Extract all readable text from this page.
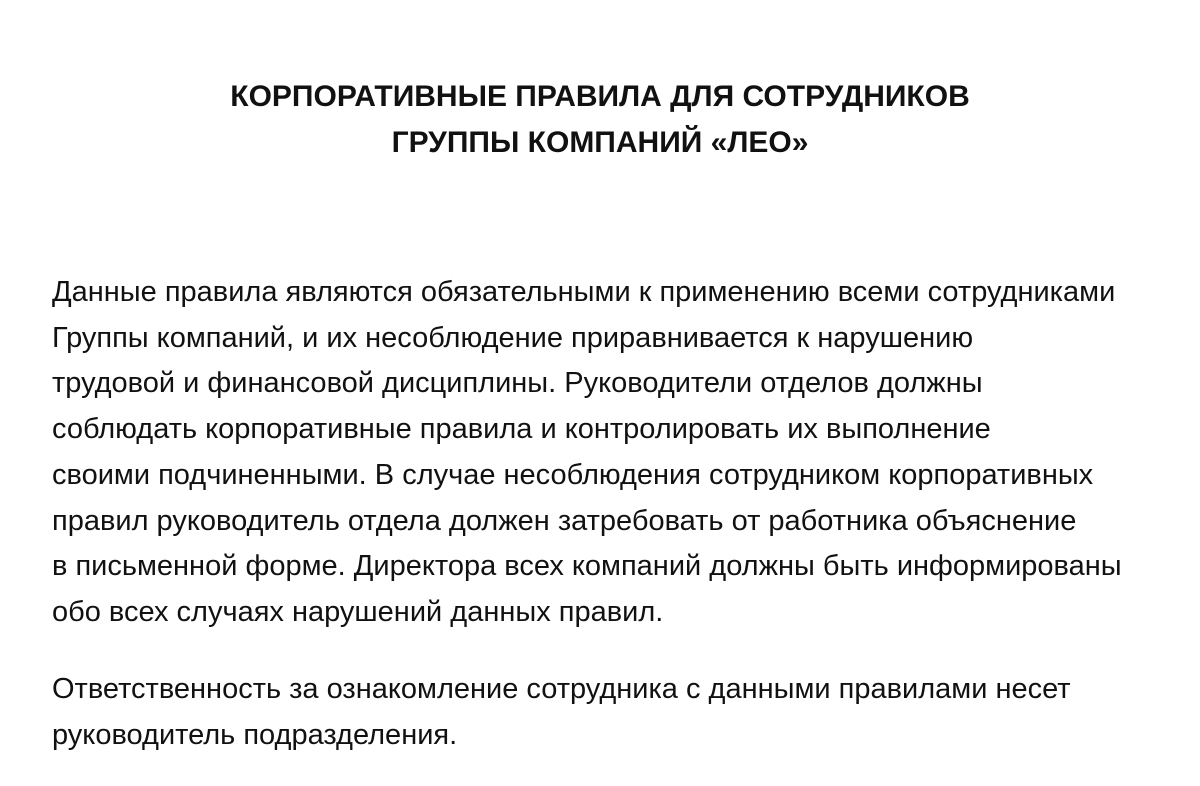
КОРПОРАТИВНЫЕ ПРАВИЛА ДЛЯ СОТРУДНИКОВ
ГРУППЫ КОМПАНИЙ «ЛЕО»
Данные правила являются обязательными к применению всеми сотрудниками
Группы компаний, и их несоблюдение приравнивается к нарушению
трудовой и финансовой дисциплины. Руководители отделов должны
соблюдать корпоративные правила и контролировать их выполнение
своими подчиненными. В случае несоблюдения сотрудником корпоративных
правил руководитель отдела должен затребовать от работника объяснение
в письменной форме. Директора всех компаний должны быть информированы
обо всех случаях нарушений данных правил.
Ответственность за ознакомление сотрудника с данными правилами несет
руководитель подразделения.
